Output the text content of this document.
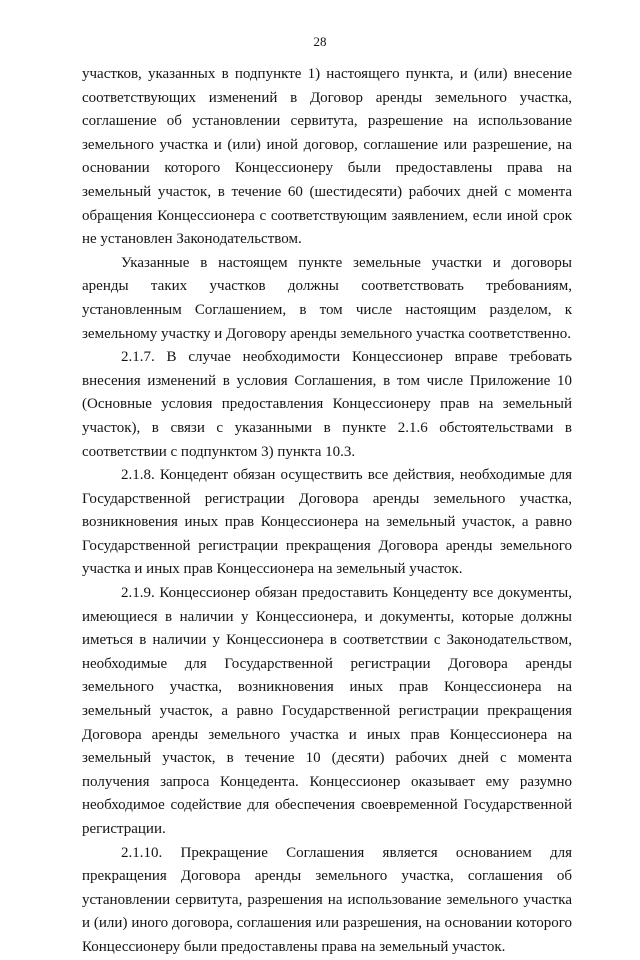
28

участков, указанных в подпункте 1) настоящего пункта, и (или) внесение соответствующих изменений в Договор аренды земельного участка, соглашение об установлении сервитута, разрешение на использование земельного участка и (или) иной договор, соглашение или разрешение, на основании которого Концессионеру были предоставлены права на земельный участок, в течение 60 (шестидесяти) рабочих дней с момента обращения Концессионера с соответствующим заявлением, если иной срок не установлен Законодательством.

Указанные в настоящем пункте земельные участки и договоры аренды таких участков должны соответствовать требованиям, установленным Соглашением, в том числе настоящим разделом, к земельному участку и Договору аренды земельного участка соответственно.

2.1.7. В случае необходимости Концессионер вправе требовать внесения изменений в условия Соглашения, в том числе Приложение 10 (Основные условия предоставления Концессионеру прав на земельный участок), в связи с указанными в пункте 2.1.6 обстоятельствами в соответствии с подпунктом 3) пункта 10.3.

2.1.8. Концедент обязан осуществить все действия, необходимые для Государственной регистрации Договора аренды земельного участка, возникновения иных прав Концессионера на земельный участок, а равно Государственной регистрации прекращения Договора аренды земельного участка и иных прав Концессионера на земельный участок.

2.1.9. Концессионер обязан предоставить Концеденту все документы, имеющиеся в наличии у Концессионера, и документы, которые должны иметься в наличии у Концессионера в соответствии с Законодательством, необходимые для Государственной регистрации Договора аренды земельного участка, возникновения иных прав Концессионера на земельный участок, а равно Государственной регистрации прекращения Договора аренды земельного участка и иных прав Концессионера на земельный участок, в течение 10 (десяти) рабочих дней с момента получения запроса Концедента. Концессионер оказывает ему разумно необходимое содействие для обеспечения своевременной Государственной регистрации.

2.1.10. Прекращение Соглашения является основанием для прекращения Договора аренды земельного участка, соглашения об установлении сервитута, разрешения на использование земельного участка и (или) иного договора, соглашения или разрешения, на основании которого Концессионеру были предоставлены права на земельный участок.
